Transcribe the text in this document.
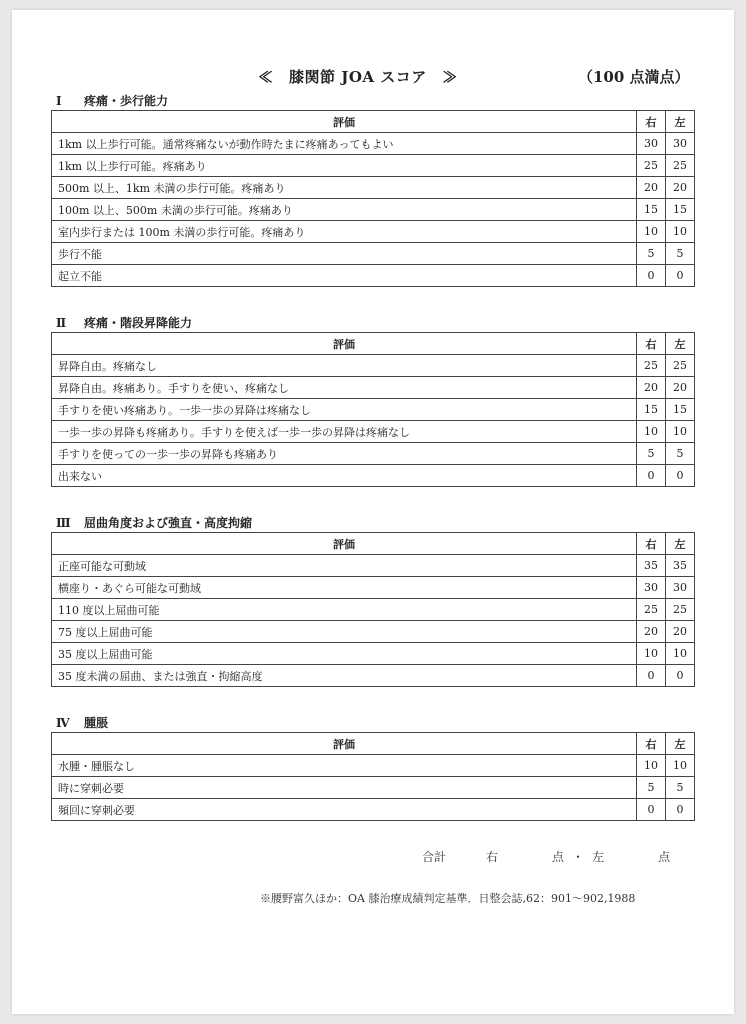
≪　膝関節 JOA スコア　≫	（100 点満点）
Ⅰ 疼痛・歩行能力
評価	右	左
1km 以上歩行可能。通常疼痛ないが動作時たまに疼痛あってもよい	30	30
1km 以上歩行可能。疼痛あり	25	25
500m 以上、1km 未満の歩行可能。疼痛あり	20	20
100m 以上、500m 未満の歩行可能。疼痛あり	15	15
室内歩行または 100m 未満の歩行可能。疼痛あり	10	10
歩行不能	5	5
起立不能	0	0
Ⅱ 疼痛・階段昇降能力
評価	右	左
昇降自由。疼痛なし	25	25
昇降自由。疼痛あり。手すりを使い、疼痛なし	20	20
手すりを使い疼痛あり。一歩一歩の昇降は疼痛なし	15	15
一歩一歩の昇降も疼痛あり。手すりを使えば一歩一歩の昇降は疼痛なし	10	10
手すりを使っての一歩一歩の昇降も疼痛あり	5	5
出来ない	0	0
Ⅲ 屈曲角度および強直・高度拘縮
評価	右	左
正座可能な可動域	35	35
横座り・あぐら可能な可動域	30	30
110 度以上屈曲可能	25	25
75 度以上屈曲可能	20	20
35 度以上屈曲可能	10	10
35 度未満の屈曲、または強直・拘縮高度	0	0
Ⅳ 腫脹
評価	右	左
水腫・腫脹なし	10	10
時に穿刺必要	5	5
頻回に穿刺必要	0	0
合計	右	点 ・ 左	点
※腰野富久ほか：OA 膝治療成績判定基準．日整会誌,62：901～902,1988
